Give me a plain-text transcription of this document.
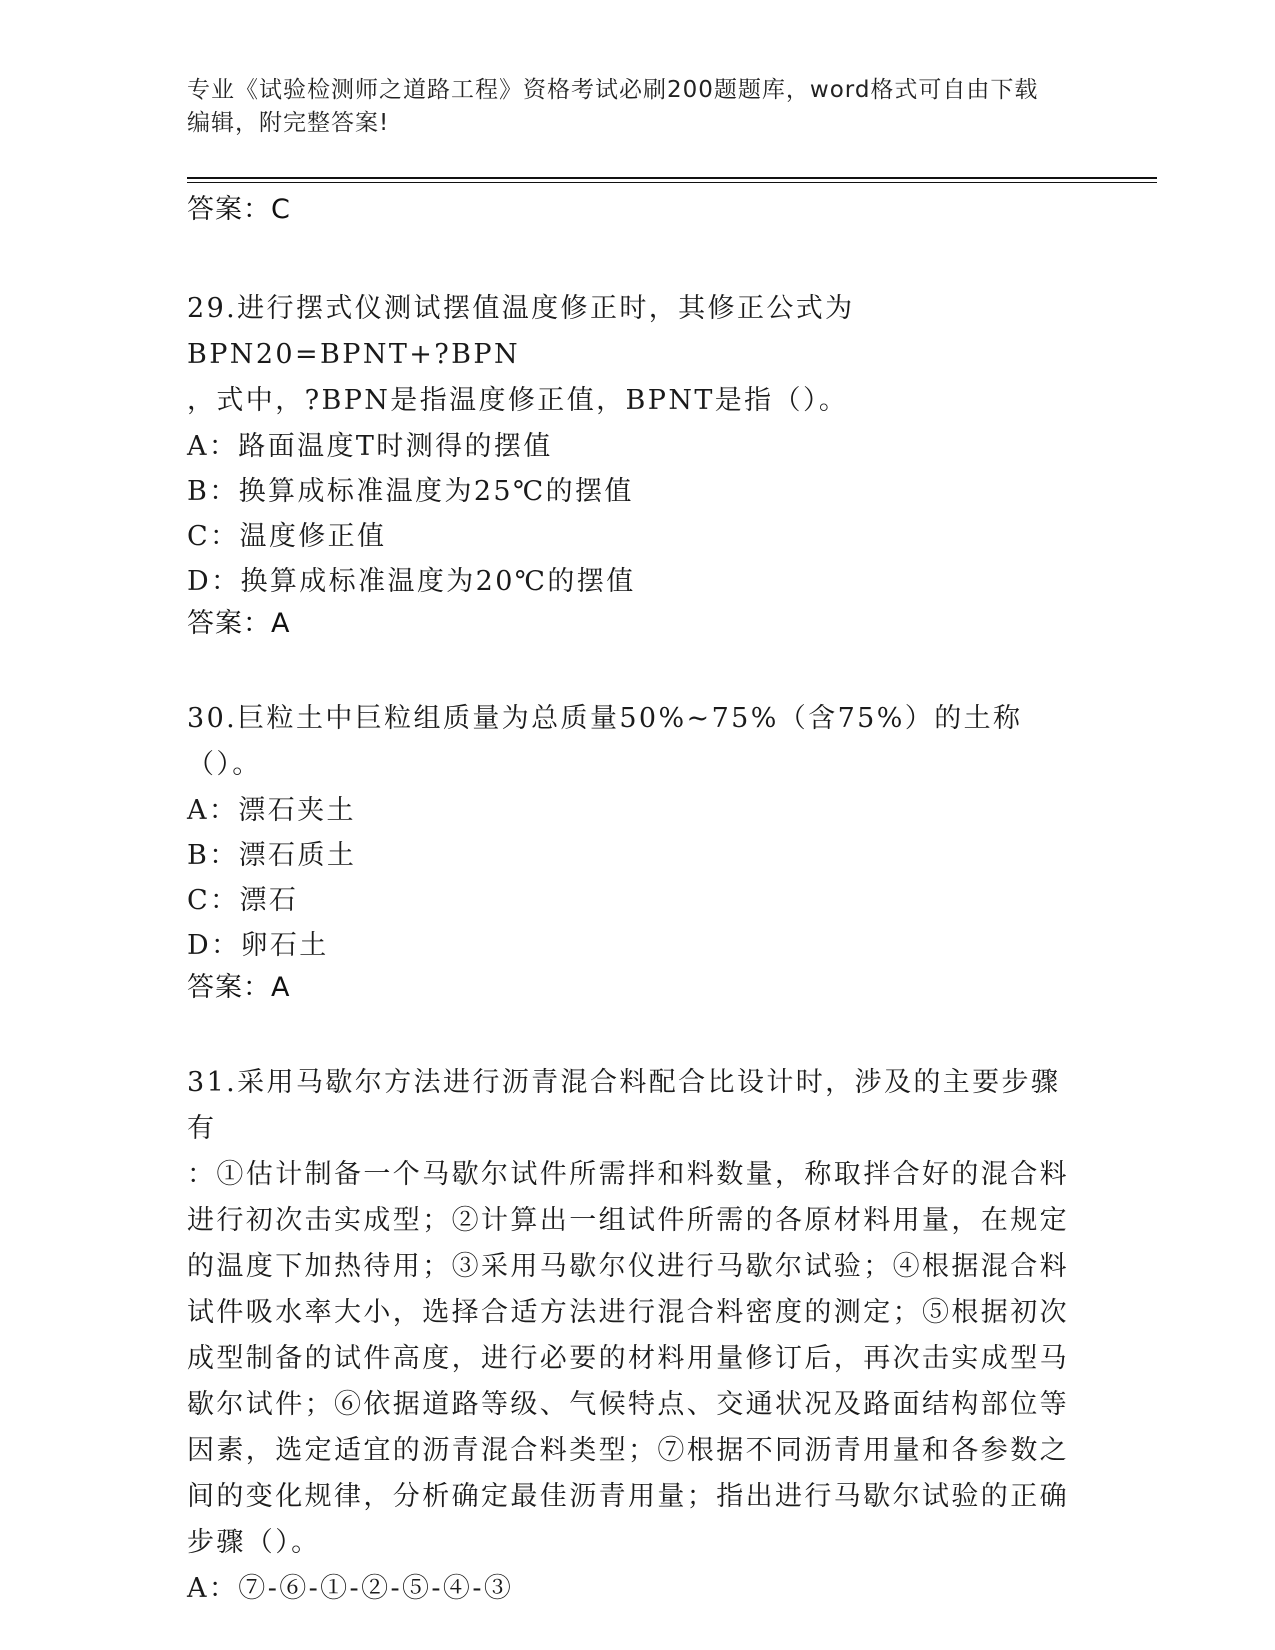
专业《试验检测师之道路工程》资格考试必刷200题题库，word格式可自由下载
编辑，附完整答案!

答案：C

29.进行摆式仪测试摆值温度修正时，其修正公式为BPN20=BPNT+?BPN

，式中，?BPN是指温度修正值，BPNT是指（）。

A：路面温度T时测得的摆值

B：换算成标准温度为25℃的摆值

C：温度修正值

D：换算成标准温度为20℃的摆值

答案：A

30.巨粒土中巨粒组质量为总质量50%~75%（含75%）的土称（）。

A：漂石夹土

B：漂石质土

C：漂石

D：卵石土

答案：A

31.采用马歇尔方法进行沥青混合料配合比设计时，涉及的主要步骤有

：①估计制备一个马歇尔试件所需拌和料数量，称取拌合好的混合料

进行初次击实成型；②计算出一组试件所需的各原材料用量，在规定

的温度下加热待用；③采用马歇尔仪进行马歇尔试验；④根据混合料

试件吸水率大小，选择合适方法进行混合料密度的测定；⑤根据初次

成型制备的试件高度，进行必要的材料用量修订后，再次击实成型马

歇尔试件；⑥依据道路等级、气候特点、交通状况及路面结构部位等

因素，选定适宜的沥青混合料类型；⑦根据不同沥青用量和各参数之

间的变化规律，分析确定最佳沥青用量；指出进行马歇尔试验的正确

步骤（）。

A：⑦-⑥-①-②-⑤-④-③
